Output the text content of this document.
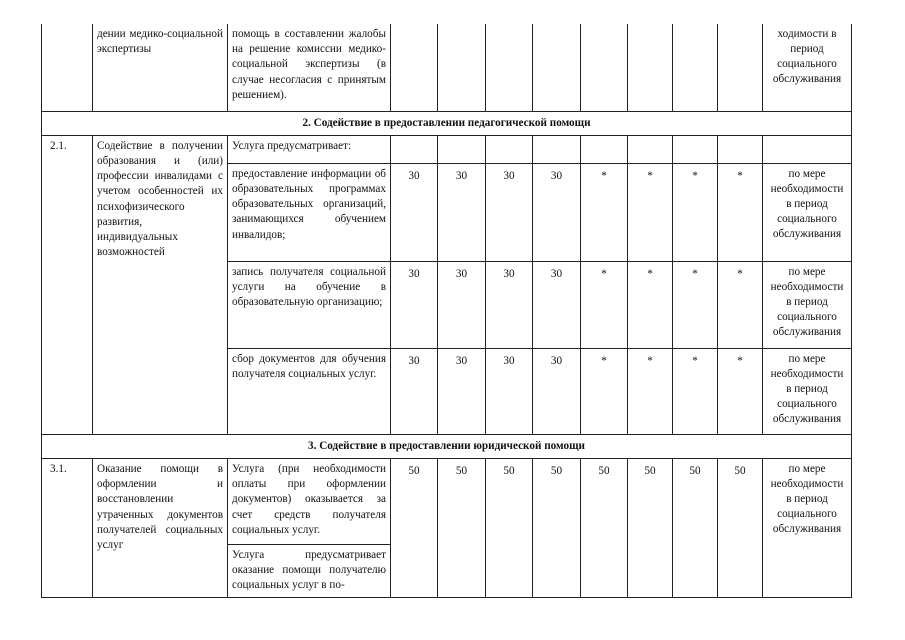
	дении медико-социальной экспертизы	помощь в составлении жалобы на решение комиссии медико-социальной экспертизы (в случае несогласия с принятым решением).									ходимости в период социального обслуживания
2. Содействие в предоставлении педагогической помощи											
2.1.	Содействие в получении образования и (или) профессии инвалидами с учетом особенностей их психофизического развития, индивидуальных возможностей	Услуга предусматривает:									
		предоставление информации об образовательных программах образовательных организаций, занимающихся обучением инвалидов;	30	30	30	30	*	*	*	*	по мере необходимости в период социального обслуживания
		запись получателя социальной услуги на обучение в образовательную организацию;	30	30	30	30	*	*	*	*	по мере необходимости в период социального обслуживания
		сбор документов для обучения получателя социальных услуг.	30	30	30	30	*	*	*	*	по мере необходимости в период социального обслуживания
3. Содействие в предоставлении юридической помощи											
3.1.	Оказание помощи в оформлении и восстановлении утраченных документов получателей социальных услуг	Услуга (при необходимости оплаты при оформлении документов) оказывается за счет средств получателя социальных услуг.	50	50	50	50	50	50	50	50	по мере необходимости в период социального обслуживания
		Услуга предусматривает оказание помощи получателю социальных услуг в по-									
